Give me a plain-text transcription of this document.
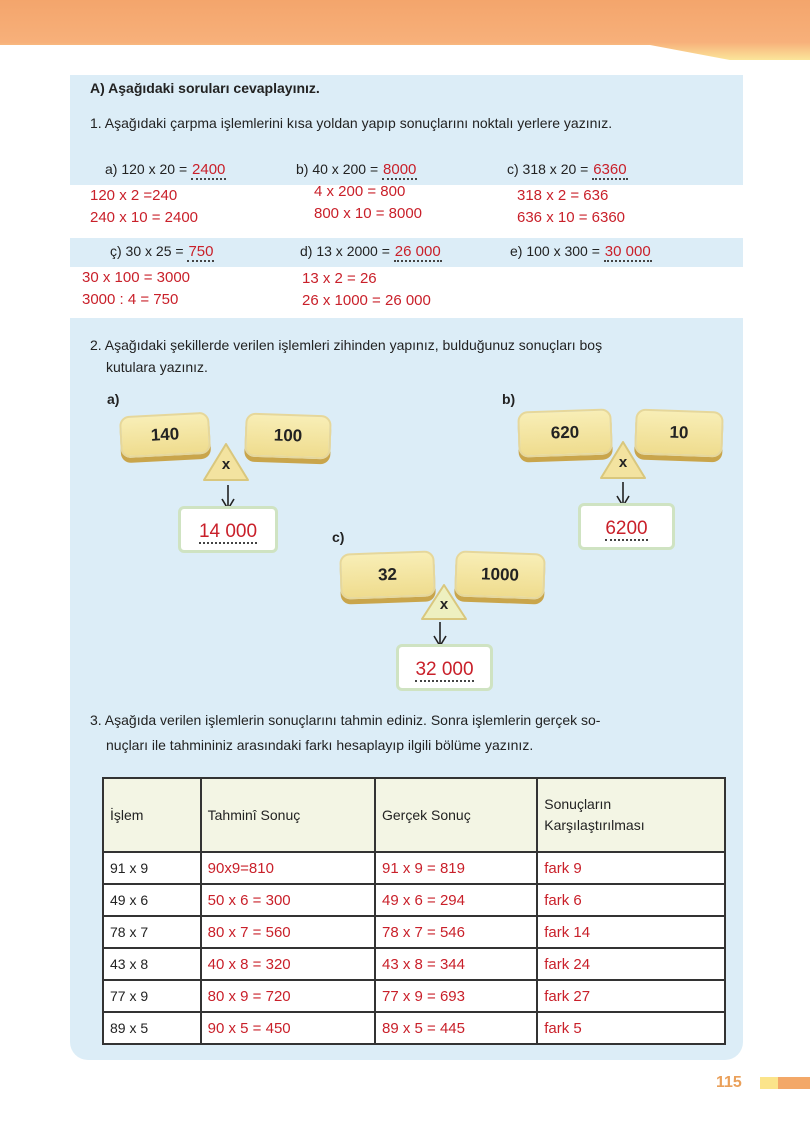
A) Aşağıdaki soruları cevaplayınız.
1. Aşağıdaki çarpma işlemlerini kısa yoldan yapıp sonuçlarını noktalı yerlere yazınız.
a) 120 x 20 = 2400	b) 40 x 200 = 8000	c) 318 x 20 = 6360
120 x 2 =240
240 x 10 = 2400
4 x 200 = 800
800 x 10 = 8000
318 x 2 = 636
636 x 10 = 6360
ç) 30 x 25 = 750	d) 13 x 2000 = 26 000	e) 100 x 300 = 30 000
30 x 100 = 3000
3000 : 4 = 750
13 x 2 = 26
26 x 1000 = 26 000
2. Aşağıdaki şekillerde verilen işlemleri zihinden yapınız, bulduğunuz sonuçları boş
kutulara yazınız.
a)
140	100
x
14 000
b)
620	10
x
6200
c)
32	1000
x
32 000
3. Aşağıda verilen işlemlerin sonuçlarını tahmin ediniz. Sonra işlemlerin gerçek so-
nuçları ile tahmininiz arasındaki farkı hesaplayıp ilgili bölüme yazınız.
İşlem	Tahminî Sonuç	Gerçek Sonuç	Sonuçların Karşılaştırılması
91 x 9	90x9=810	91 x 9 = 819	fark 9
49 x 6	50 x 6 = 300	49 x 6 = 294	fark 6
78 x 7	80 x 7 = 560	78 x 7 = 546	fark 14
43 x 8	40 x 8 = 320	43 x 8 = 344	fark 24
77 x 9	80 x 9 = 720	77 x 9 = 693	fark 27
89 x 5	90 x 5 = 450	89 x 5 = 445	fark 5
115
